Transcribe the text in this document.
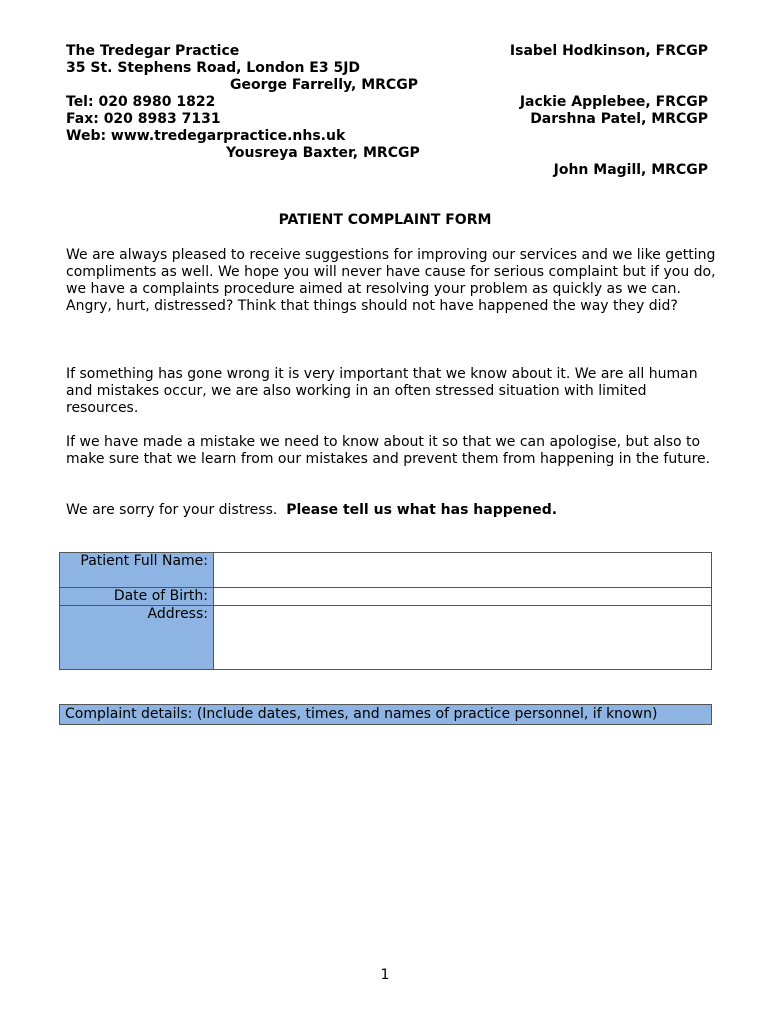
The Tredegar Practice
35 St. Stephens Road, London E3 5JD
George Farrelly, MRCGP
Tel: 020 8980 1822
Fax: 020 8983 7131
Web: www.tredegarpractice.nhs.uk
Yousreya Baxter, MRCGP
Isabel Hodkinson, FRCGP
Jackie Applebee, FRCGP
Darshna Patel, MRCGP
John Magill, MRCGP
PATIENT COMPLAINT FORM

We are always pleased to receive suggestions for improving our services and we like getting compliments as well. We hope you will never have cause for serious complaint but if you do, we have a complaints procedure aimed at resolving your problem as quickly as we can.

Angry, hurt, distressed? Think that things should not have happened the way they did?

If something has gone wrong it is very important that we know about it. We are all human and mistakes occur, we are also working in an often stressed situation with limited resources.
If we have made a mistake we need to know about it so that we can apologise, but also to make sure that we learn from our mistakes and prevent them from happening in the future.
We are sorry for your distress. Please tell us what has happened.
Patient Full Name:	
Date of Birth:	
Address:	
Complaint details: (Include dates, times, and names of practice personnel, if known)
1
